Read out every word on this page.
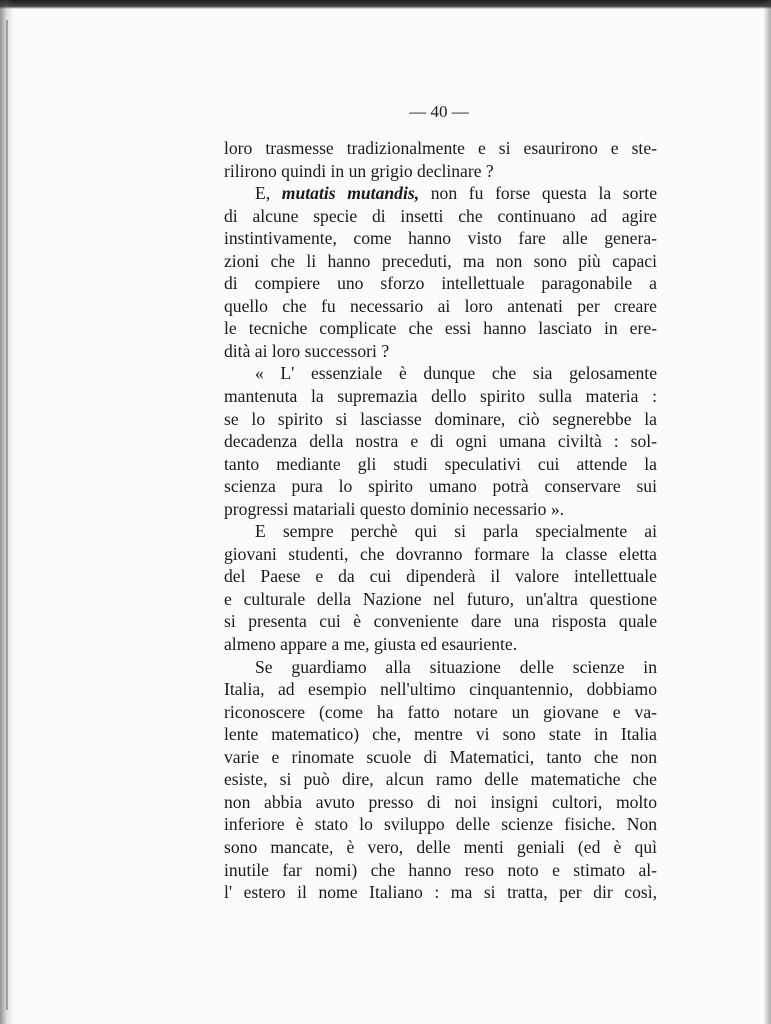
— 40 —
loro trasmesse tradizionalmente e si esaurirono e ste-
rilirono quindi in un grigio declinare ?
E, mutatis mutandis, non fu forse questa la sorte
di alcune specie di insetti che continuano ad agire
instintivamente, come hanno visto fare alle genera-
zioni che li hanno preceduti, ma non sono più capaci
di compiere uno sforzo intellettuale paragonabile a
quello che fu necessario ai loro antenati per creare
le tecniche complicate che essi hanno lasciato in ere-
dità ai loro successori ?
« L' essenziale è dunque che sia gelosamente
mantenuta la supremazia dello spirito sulla materia :
se lo spirito si lasciasse dominare, ciò segnerebbe la
decadenza della nostra e di ogni umana civiltà : sol-
tanto mediante gli studi speculativi cui attende la
scienza pura lo spirito umano potrà conservare sui
progressi matariali questo dominio necessario ».
E sempre perchè qui si parla specialmente ai
giovani studenti, che dovranno formare la classe eletta
del Paese e da cui dipenderà il valore intellettuale
e culturale della Nazione nel futuro, un'altra questione
si presenta cui è conveniente dare una risposta quale
almeno appare a me, giusta ed esauriente.
Se guardiamo alla situazione delle scienze in
Italia, ad esempio nell'ultimo cinquantennio, dobbiamo
riconoscere (come ha fatto notare un giovane e va-
lente matematico) che, mentre vi sono state in Italia
varie e rinomate scuole di Matematici, tanto che non
esiste, si può dire, alcun ramo delle matematiche che
non abbia avuto presso di noi insigni cultori, molto
inferiore è stato lo sviluppo delle scienze fisiche. Non
sono mancate, è vero, delle menti geniali (ed è quì
inutile far nomi) che hanno reso noto e stimato al-
l' estero il nome Italiano : ma si tratta, per dir così,
